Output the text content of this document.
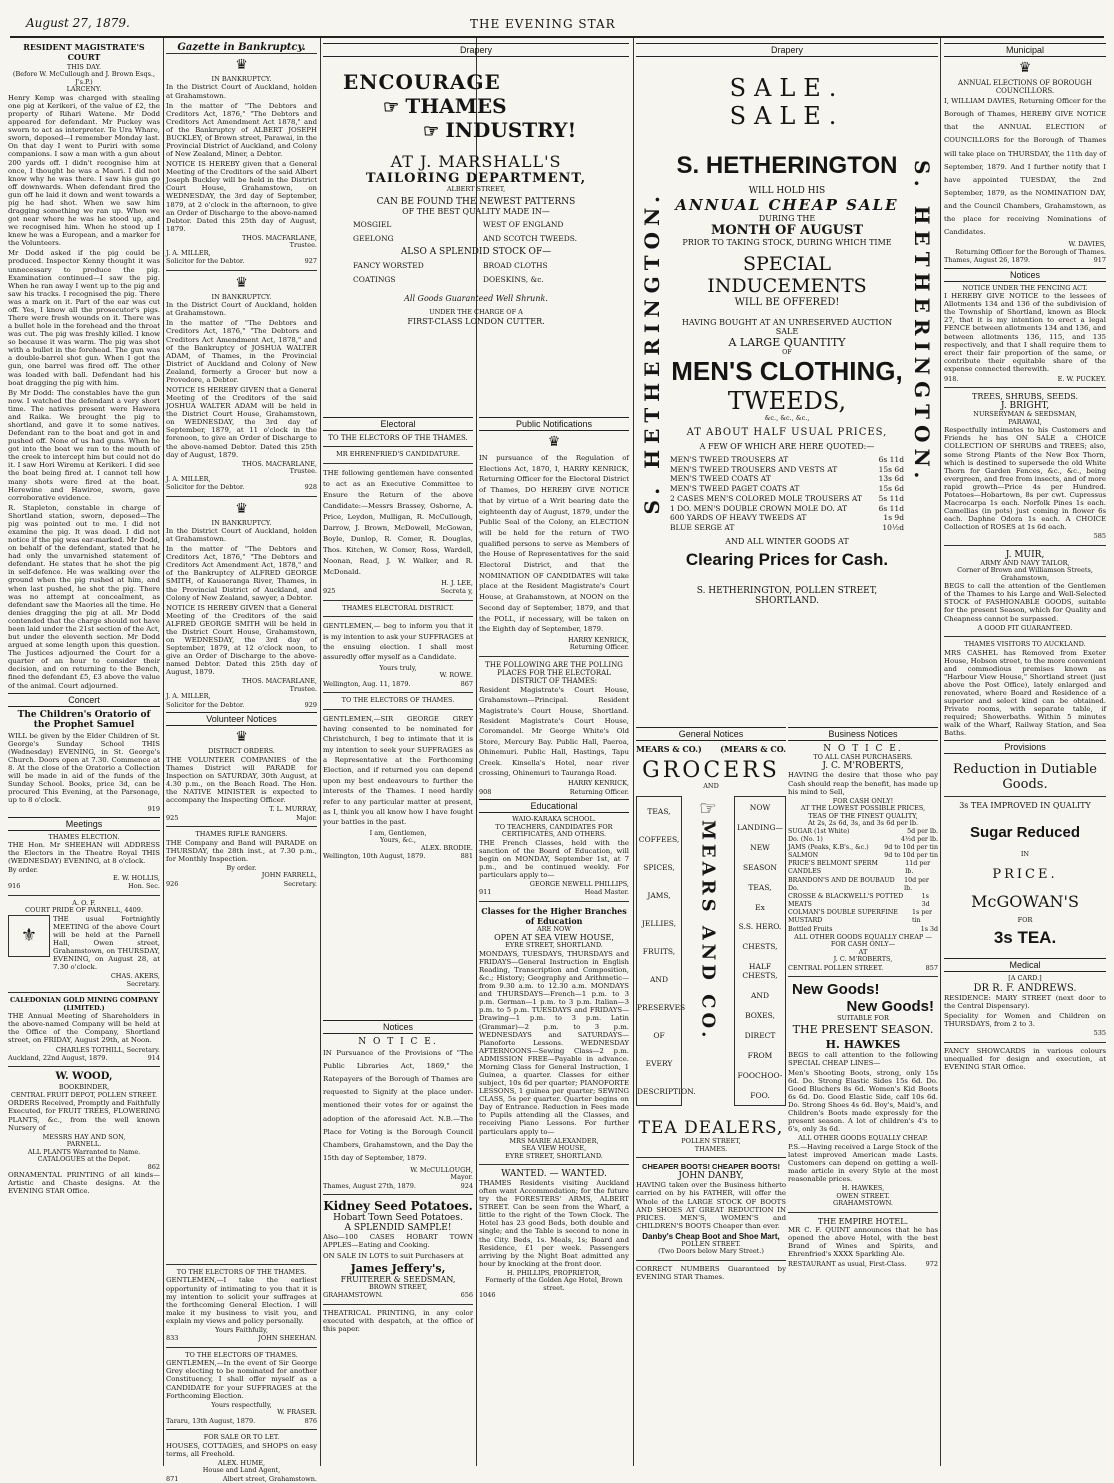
August 27, 1879.	THE EVENING STAR
RESIDENT MAGISTRATE'S COURT
THIS DAY.
(Before W. McCullough and J. Brown Esqs., J's.P.)
LARCENY.

Henry Kemp was charged with stealing one pig at Kerikeri, of the value of £2, the property of Rihari Watene. Mr Dodd appeared for defendant. Mr Puckey was sworn to act as interpreter. Te Ura Whare, sworn, deposed—I remember Monday last. On that day I went to Puriri with some companions. I saw a man with a gun about 200 yards off. I didn't recognise him at once, I thought he was a Maori. I did not know why he was there. I saw his gun go off downwards. When defendant fired the gun off he laid it down and went towards a pig he had shot. When we saw him dragging something we ran up. When we got near where he was he stood up, and we recognised him. When he stood up I knew he was a European, and a marker for the Volunteers.

Mr Dodd asked if the pig could be produced. Inspector Kenny thought it was unnecessary to produce the pig. Examination continued—I saw the pig. When he ran away I went up to the pig and saw his tracks. I recognised the pig. There was a mark on it. Part of the ear was cut off. Yes, I know all the prosecutor's pigs. There were fresh wounds on it. There was a bullet hole in the forehead and the throat was cut. The pig was freshly killed. I know so because it was warm. The pig was shot with a bullet in the forehead. The gun was a double-barrel shot gun. When I got the gun, one barrel was fired off. The other was loaded with ball. Defendant had his boat dragging the pig with him.

By Mr Dodd: The constables have the gun now. I watched the defendant a very short time. The natives present were Hawera and Raika. We brought the pig to shortland, and gave it to some natives. Defendant ran to the boat and got in and pushed off. None of us had guns. When he got into the boat we ran to the mouth of the creek to intercept him but could not do it. I saw Hori Wiremu at Kerikeri. I did see the boat being fired at. I cannot tell how many shots were fired at the boat. Herewine and Hawiroe, sworn, gave corroborative evidence.

R. Stapleton, constable in charge of Shortland station, sworn, deposed—The pig was pointed out to me. I did not examine the pig. It was dead. I did not notice if the pig was ear-marked. Mr Dodd, on behalf of the defendant, stated that he had only the unvarnished statement of defendant. He states that he shot the pig in self-defence. He was walking over the ground when the pig rushed at him, and when last pushed, he shot the pig. There was no attempt at concealment, as defendant saw the Maories all the time. He denies dragging the pig at all. Mr Dodd contended that the charge should not have been laid under the 21st section of the Act, but under the eleventh section. Mr Dodd argued at some length upon this question. The Justices adjourned the Court for a quarter of an hour to consider their decision, and on returning to the Bench, fined the defendant £5, £3 above the value of the animal. Court adjourned.

Concert
The Children's Oratorio of the Prophet Samuel

WILL be given by the Elder Children of St. George's Sunday School THIS (Wednesday) EVENING, in St. George's Church. Doors open at 7.30. Commence at 8. At the close of the Oratorio a Collection will be made in aid of the funds of the Sunday School. Books, price 3d, can be procured This Evening, at the Parsonage, up to 8 o'clock.

919
Meetings
THAMES ELECTION.

THE Hon. Mr SHEEHAN will ADDRESS the Electors in the Theatre Royal THIS (WEDNESDAY) EVENING, at 8 o'clock.

By order.
E. W. HOLLIS,
916	Hon. Sec.
A. O. F.
COURT PRIDE OF PARNELL, 4409.
⚜

THE usual Fortnightly MEETING of the above Court will be held at the Parnell Hall, Owen street, Grahamstown, on THURSDAY, EVENING, on August 28, at 7.30 o'clock.

CHAS. AKERS,
Secretary.
CALEDONIAN GOLD MINING COMPANY (LIMITED.)

THE Annual Meeting of Shareholders in the above-named Company will be held at the Office of the Company, Shortland street, on FRIDAY, August 29th, at Noon.

CHARLES TOTHILL, Secretary.
Auckland, 22nd August, 1879.	914
W. WOOD,
BOOKBINDER,
CENTRAL FRUIT DEPOT, POLLEN STREET.

ORDERS Received, Promptly and Faithfully Executed, for FRUIT TREES, FLOWERING PLANTS, &c., from the well known Nursery of

MESSRS HAY AND SON,
PARNELL.
ALL PLANTS Warranted to Name.
CATALOGUES at the Depot.
862

ORNAMENTAL PRINTING of all kinds—Artistic and Chaste designs. At the EVENING STAR Office.

Gazette in Bankruptcy.
♛
IN BANKRUPTCY.

In the District Court of Auckland, holden at Grahamstown.

In the matter of "The Debtors and Creditors Act, 1876," "The Debtors and Creditors Act Amendment Act 1878," and of the Bankruptcy of ALBERT JOSEPH BUCKLEY, of Brown street, Parawai, in the Provincial District of Auckland, and Colony of New Zealand, Miner, a Debtor.

NOTICE IS HEREBY given that a General Meeting of the Creditors of the said Albert Joseph Buckley will be held in the District Court House, Grahamstown, on WEDNESDAY, the 3rd day of September, 1879, at 2 o'clock in the afternoon, to give an Order of Discharge to the above-named Debtor. Dated this 25th day of August, 1879.

THOS. MACFARLANE,
Trustee.
J. A. MILLER,
Solicitor for the Debtor.	927
♛
IN BANKRUPTCY.

In the District Court of Auckland, holden at Grahamstown.

In the matter of "The Debtors and Creditors Act, 1876," "The Debtors and Creditors Act Amendment Act, 1878," and of the Bankruptcy of JOSHUA WALTER ADAM, of Thames, in the Provincial District of Auckland and Colony of New Zealand, formerly a Grocer but now a Provedore, a Debtor.

NOTICE IS HEREBY GIVEN that a General Meeting of the Creditors of the said JOSHUA WALTER ADAM will be held in the District Court House, Grahamstown, on WEDNESDAY, the 3rd day of September, 1879, at 11 o'clock in the forenoon, to give an Order of Discharge to the above-named Debtor. Dated this 25th day of August, 1879.

THOS. MACFARLANE,
Trustee.
J. A. MILLER,
Solicitor for the Debtor.	928
♛
IN BANKRUPTCY.

In the District Court of Auckland, holden at Grahamstown.

In the matter of "The Debtors and Creditors Act, 1876," "The Debtors and Creditors Act Amendment Act, 1878," and of the Bankruptcy of ALFRED GEORGE SMITH, of Kauaeranga River, Thames, in the Provincial District of Auckland, and Colony of New Zealand, sawyer, a Debtor.

NOTICE IS HEREBY GIVEN that a General Meeting of the Creditors of the said ALFRED GEORGE SMITH will be held in the District Court House, Grahamstown, on WEDNESDAY, the 3rd day of September, 1879, at 12 o'clock noon, to give an Order of Discharge to the above-named Debtor. Dated this 25th day of August, 1879.

THOS. MACFARLANE,
Trustee.
J. A. MILLER,
Solicitor for the Debtor.	929
Volunteer Notices
♛
DISTRICT ORDERS.

THE VOLUNTEER COMPANIES of the Thames District will PARADE for Inspection on SATURDAY, 30th August, at 4.30 p.m., on the Beach Road. The Hon. the NATIVE MINISTER is expected to accompany the Inspecting Officer.

T. L. MURRAY,
925	Major.
THAMES RIFLE RANGERS.

THE Company and Band will PARADE on THURSDAY, the 28th inst., at 7.30 p.m., for Monthly Inspection.

By order.
JOHN FARRELL,
926	Secretary.
Drapery
ENCOURAGE
☞ THAMES
☞ INDUSTRY!
AT J. MARSHALL'S
TAILORING DEPARTMENT,
ALBERT STREET,
CAN BE FOUND THE NEWEST PATTERNS
OF THE BEST QUALITY MADE IN—
MOSGIEL	WEST OF ENGLAND
GEELONG	AND SCOTCH TWEEDS.
ALSO A SPLENDID STOCK OF—
FANCY WORSTED	BROAD CLOTHS
COATINGS	DOESKINS, &c.
All Goods Guaranteed Well Shrunk.
UNDER THE CHARGE OF A
FIRST-CLASS LONDON CUTTER.
Notices
N O T I C E.

IN Pursuance of the Provisions of "The Public Libraries Act, 1869," the Ratepayers of the Borough of Thames are requested to Signify at the place under-mentioned their votes for or against the adoption of the aforesaid Act. N.B.—The Place for Voting is the Borough Council Chambers, Grahamstown, and the Day the 15th day of September, 1879.

W. McCULLOUGH,
Mayor.
Thames, August 27th, 1879.	924
Kidney Seed Potatoes.
Hobart Town Seed Potatoes.
A SPLENDID SAMPLE!

Also—100 CASES HOBART TOWN APPLES—Eating and Cooking.

ON SALE IN LOTS to suit Purchasers at

James Jeffery's,
FRUITERER & SEEDSMAN,
BROWN STREET,
GRAHAMSTOWN.	656

THEATRICAL PRINTING, in any color executed with despatch, at the office of this paper.

Electoral
TO THE ELECTORS OF THE THAMES.
MR EHRENFRIED'S CANDIDATURE.

THE following gentlemen have consented to act as an Executive Committee to Ensure the Return of the above Candidate:—Messrs Brassey, Osborne, A. Price, Leydon, Mulligan, R. McCullough, Darrow, J. Brown, McDowell, McGowan, Boyle, Dunlop, R. Comer, R. Douglas, Thos. Kitchen, W. Comer, Ross, Wardell, Noonan, Read, J. W. Walker, and R. McDonald.

H. J. LEE,
925	Secreta y,
THAMES ELECTORAL DISTRICT.

GENTLEMEN,— beg to inform you that it is my intention to ask your SUFFRAGES at the ensuing election. I shall most assuredly offer myself as a Candidate.

Yours truly,
W. ROWE.
Wellington, Aug. 11, 1879.	867
TO THE ELECTORS OF THAMES.

GENTLEMEN,—SIR GEORGE GREY having consented to be nominated for Christchurch, I beg to intimate that it is my intention to seek your SUFFRAGES as a Representative at the Forthcoming Election, and if returned you can depend upon my best endeavours to further the interests of the Thames. I need hardly refer to any particular matter at present, as I, think you all know how I have fought your battles in the past.

I am, Gentlemen,
Yours, &c.,
ALEX. BRODIE.
Wellington, 10th August, 1879.	881
Public Notifications
♛

IN pursuance of the Regulation of Elections Act, 1870, I, HARRY KENRICK, Returning Officer for the Electoral District of Thames, DO HEREBY GIVE NOTICE that by virtue of a Writ bearing date the eighteenth day of August, 1879, under the Public Seal of the Colony, an ELECTION will be held for the return of TWO qualified persons to serve as Members of the House of Representatives for the said Electoral District, and that the NOMINATION OF CANDIDATES will take place at the Resident Magistrate's Court House, at Grahamstown, at NOON on the Second day of September, 1879, and that the POLL, if necessary, will be taken on the Eighth day of September, 1879.

HARRY KENRICK,
Returning Officer.
THE FOLLOWING ARE THE POLLING PLACES FOR THE ELECTORAL DISTRICT OF THAMES:

Resident Magistrate's Court House, Grahamstown—Principal. Resident Magistrate's Court House, Shortland. Resident Magistrate's Court House, Coromandel. Mr George White's Old Store, Mercury Bay. Public Hall, Paeroa, Ohinemuri. Public Hall, Hastings, Tapu Creek. Kinsella's Hotel, near river crossing, Ohinemuri to Tauranga Road.

HARRY KENRICK,
908	Returning Officer.
Educational
WAIO-KARAKA SCHOOL.
TO TEACHERS, CANDIDATES FOR CERTIFICATES, AND OTHERS.

THE French Classes, held with the sanction of the Board of Education, will begin on MONDAY, September 1st, at 7 p.m., and be continued weekly. For particulars apply to—

GEORGE NEWELL PHILLIPS,
911	Head Master.
Classes for the Higher Branches of Education
ARE NOW
OPEN AT SEA VIEW HOUSE,
EYRE STREET, SHORTLAND.

MONDAYS, TUESDAYS, THURSDAYS and FRIDAYS—General Instruction in English Reading, Transcription and Composition, &c.; History; Geography and Arithmetic—from 9.30 a.m. to 12.30 a.m. MONDAYS and THURSDAYS—French—1 p.m. to 3 p.m. German—1 p.m. to 3 p.m. Italian—3 p.m. to 5 p.m. TUESDAYS and FRIDAYS—Drawing—1 p.m. to 3 p.m. Latin (Grammar)—2 p.m. to 3 p.m. WEDNESDAYS and SATURDAYS—Pianoforte Lessons. WEDNESDAY AFTERNOONS—Sewing Class—2 p.m. ADMISSION FREE—Payable in advance. Morning Class for General Instruction, 1 Guinea, a quarter. Classes for either subject, 10s 6d per quarter; PIANOFORTE LESSONS, 1 guinea per quarter; SEWING CLASS, 5s per quarter. Quarter begins on Day of Entrance. Reduction in Fees made to Pupils attending all the Classes, and receiving Piano Lessons. For further particulars apply to—

MRS MARIE ALEXANDER,
SEA VIEW HOUSE,
EYRE STREET, SHORTLAND.
WANTED. — WANTED.

THAMES Residents visiting Auckland often want Accommodation; for the future try the FORESTERS' ARMS, ALBERT STREET. Can be seen from the Wharf, a little to the right of the Town Clock. The Hotel has 23 good Beds, both double and single; and the Table is second to none in the City. Beds, 1s. Meals, 1s; Board and Residence, £1 per week. Passengers arriving by the Night Boat admitted any hour by knocking at the front door.

H. PHILLIPS, PROPRIETOR,
Formerly of the Golden Age Hotel, Brown street.
1046
Drapery
S. HETHERINGTON.	S. HETHERINGTON.
SALE. SALE.
S. HETHERINGTON
WILL HOLD HIS
ANNUAL CHEAP SALE
DURING THE
MONTH OF AUGUST
PRIOR TO TAKING STOCK, DURING WHICH TIME
SPECIAL INDUCEMENTS
WILL BE OFFERED!
HAVING BOUGHT AT AN UNRESERVED AUCTION SALE
A LARGE QUANTITY
OF
MEN'S CLOTHING,
TWEEDS,
&c., &c., &c.,
AT ABOUT HALF USUAL PRICES,
A FEW OF WHICH ARE HERE QUOTED:—
MEN'S TWEED TROUSERS AT	6s 11d
MEN'S TWEED TROUSERS AND VESTS AT	15s 6d
MEN'S TWEED COATS AT	13s 6d
MEN'S TWEED PAGET COATS AT	15s 6d
2 CASES MEN'S COLORED MOLE TROUSERS AT 5s 11d
1 DO. MEN'S DOUBLE CROWN MOLE DO. AT	6s 11d
600 YARDS OF HEAVY TWEEDS AT	1s 9d
BLUE SERGE AT	10½d
AND ALL WINTER GOODS AT
Clearing Prices for Cash.
S. HETHERINGTON, POLLEN STREET, SHORTLAND.
General Notices
MEARS & CO.) (MEARS & CO.
GROCERS
AND
TEAS,
COFFEES,
SPICES,
JAMS,
JELLIES,
FRUITS,
AND
PRESERVES
OF
EVERY
DESCRIPTION.
☞
MEARS AND CO.
NOW
LANDING—
NEW
SEASON
TEAS,
Ex
S.S. HERO.
CHESTS,
HALF CHESTS,
AND
BOXES,
DIRECT
FROM
FOOCHOO-
FOO.
TEA DEALERS,
POLLEN STREET,
THAMES.
CHEAPER BOOTS! CHEAPER BOOTS!
JOHN DANBY,

HAVING taken over the Business hitherto carried on by his FATHER, will offer the Whole of the LARGE STOCK OF BOOTS AND SHOES AT GREAT REDUCTION IN PRICES. MEN'S, WOMEN'S and CHILDREN'S BOOTS Cheaper than ever.

Danby's Cheap Boot and Shoe Mart,
POLLEN STREET.
(Two Doors below Mary Street.)

CORRECT NUMBERS Guaranteed by EVENING STAR Thames.

Business Notices
N O T I C E.
TO ALL CASH PURCHASERS.
J. C. M'ROBERTS,

HAVING the desire that those who pay Cash should reap the benefit, has made up his mind to Sell,

FOR CASH ONLY!
AT THE LOWEST POSSIBLE PRICES,
TEAS OF THE FINEST QUALITY,
At 2s, 2s 6d, 3s, and 3s 6d per lb.
SUGAR (1st White)	5d per lb.
Do. (No. 1)	4½d per lb.
JAMS (Peaks, K.B's., &c.) 9d to 10d per tin
SALMON	9d to 10d per tin
PRICE'S BELMONT SPERM CANDLES
11d per lb.
BRANDON'S AND DE BOUBAUD Do.
10d per lb.
CROSSE & BLACKWELL'S POTTED MEATS
1s 3d
COLMAN'S DOUBLE SUPERFINE MUSTARD
1s per tin
Bottled Fruits	1s 3d
ALL OTHER GOODS EQUALLY CHEAP —FOR CASH ONLY—
AT
J. C. M'ROBERTS,
CENTRAL POLLEN STREET.	857
New Goods!
New Goods!
SUITABLE FOR
THE PRESENT SEASON.
H. HAWKES

BEGS to call attention to the following SPECIAL CHEAP LINES—

Men's Shooting Boots, strong, only 15s 6d. Do. Strong Elastic Sides 15s 6d. Do. Good Bluchers 8s 6d. Women's Kid Boots 6s 6d. Do. Good Elastic Side, calf 10s 6d. Do. Strong Shoes 4s 6d. Boy's, Maid's, and Children's Boots made expressly for the present season. A lot of children's 4's to 6's, only 3s 6d.

ALL OTHER GOODS EQUALLY CHEAP.

P.S.—Having received a Large Stock of the latest improved American made Lasts. Customers can depend on getting a well-made article in every Style at the most reasonable prices.

H. HAWKES,
OWEN STREET.
GRAHAMSTOWN.
THE EMPIRE HOTEL.

MR C. F. QUINT announces that he has opened the above Hotel, with the best Brand of Wines and Spirits, and Ehrenfried's XXXX Sparkling Ale.

RESTAURANT as usual, First-Class.	972
Municipal
♛
ANNUAL ELECTIONS OF BOROUGH COUNCILLORS.

I, WILLIAM DAVIES, Returning Officer for the Borough of Thames, HEREBY GIVE NOTICE that the ANNUAL ELECTION of COUNCILLORS for the Borough of Thames will take place on THURSDAY, the 11th day of September, 1879. And I further notify that I have appointed TUESDAY, the 2nd September, 1879, as the NOMINATION DAY, and the Council Chambers, Grahamstown, as the place for receiving Nominations of Candidates.

W. DAVIES,
Returning Officer for the Borough of Thames.
Thames, August 26, 1879.	917
Notices
NOTICE UNDER THE FENCING ACT.

I HEREBY GIVE NOTICE to the lessees of Allotments 134 and 136 of the subdivision of the Township of Shortland, known as Block 27, that it is my intention to erect a legal FENCE between allotments 134 and 136, and between allotments 136, 115, and 135 respectively, and that I shall require them to erect their fair proportion of the same, or contribute their equitable share of the expense connected therewith.

918.	E. W. PUCKEY.
TREES, SHRUBS, SEEDS.
J. BRIGHT,
NURSERYMAN & SEEDSMAN,
PARAWAI,

Respectfully intimates to his Customers and Friends he has ON SALE a CHOICE COLLECTION OF SHRUBS and TREES; also, some Strong Plants of the New Box Thorn, which is destined to supersede the old White Thorn for Garden Fences, &c., &c., being evergreen, and free from insects, and of more rapid growth—Price 4s per Hundred. Potatoes—Hobartown, 8s per cwt. Cupressus Macrocarpa 1s each. Norfolk Pines 1s each. Camellias (in pots) just coming in flower 6s each. Daphne Odora 1s each. A CHOICE Collection of ROSES at 1s 6d each.

585
J. MUIR,
ARMY AND NAVY TAILOR,
Corner of Brown and Williamson Streets, Grahamstown,

BEGS to call the attention of the Gentlemen of the Thames to his Large and Well-Selected STOCK of FASHIONABLE GOODS, suitable for the present Season, which for Quality and Cheapness cannot be surpassed.

A GOOD FIT GUARANTEED.
THAMES VISITORS TO AUCKLAND.

MRS CASHEL has Removed from Exeter House, Hobson street, to the more convenient and commodious premises known as "Harbour View House," Shortland street (just above the Post Office), lately enlarged and renovated, where Board and Residence of a superior and select kind can be obtained. Private rooms, with separate table, if required; Showerbaths. Within 5 minutes walk of the Wharf, Railway Station, and Sea Baths.

Provisions
Reduction in Dutiable Goods.
3s TEA IMPROVED IN QUALITY
Sugar Reduced
IN
PRICE.
McGOWAN'S
FOR
3s TEA.
Medical
[A CARD.]
DR R. F. ANDREWS.

RESIDENCE: MARY STREET (next door to the Central Dispensary).

Speciality for Women and Children on THURSDAYS, from 2 to 3.

535

FANCY SHOWCARDS in various colours unequalled for design and execution, at EVENING STAR Office.

TO THE ELECTORS OF THE THAMES.

GENTLEMEN,—I take the earliest opportunity of intimating to you that it is my intention to solicit your suffrages at the forthcoming General Election. I will make it my business to visit you, and explain my views and policy personally.

Yours Faithfully,
833	JOHN SHEEHAN.
TO THE ELECTORS OF THAMES.

GENTLEMEN,—In the event of Sir George Grey electing to be nominated for another Constituency, I shall offer myself as a CANDIDATE for your SUFFRAGES at the Forthcoming Election.

Yours respectfully,
W. FRASER.
Tararu, 13th August, 1879.	876
FOR SALE OR TO LET.

HOUSES, COTTAGES, and SHOPS on easy terms, all Freehold.

ALEX. HUME,
House and Land Agent,
871	Albert street, Grahamstown.
